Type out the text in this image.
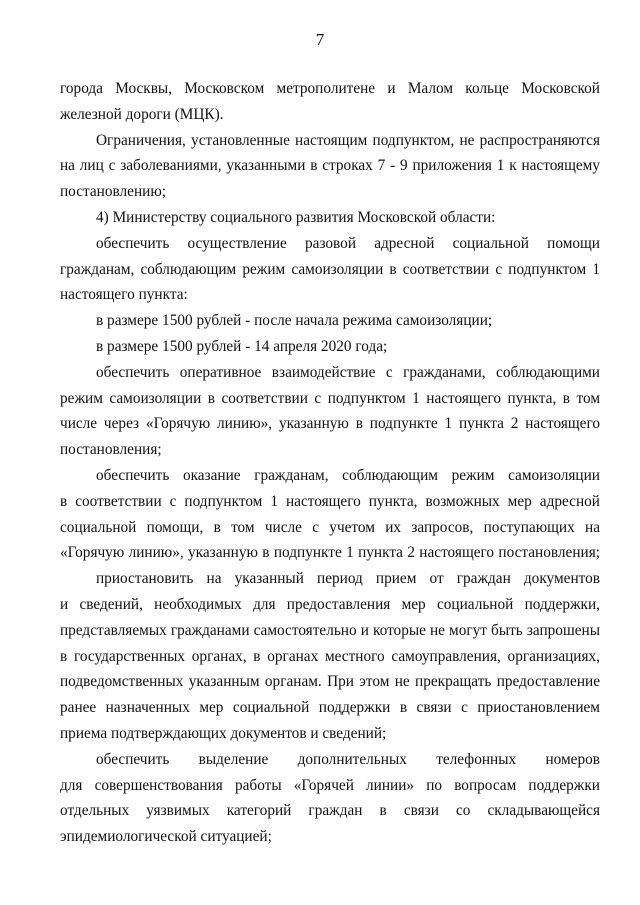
7
города Москвы, Московском метрополитене и Малом кольце Московской
железной дороги (МЦК).
Ограничения, установленные настоящим подпунктом, не распространяются
на лиц с заболеваниями, указанными в строках 7 - 9 приложения 1 к настоящему
постановлению;
4) Министерству социального развития Московской области:
обеспечить осуществление разовой адресной социальной помощи
гражданам, соблюдающим режим самоизоляции в соответствии с подпунктом 1
настоящего пункта:
в размере 1500 рублей - после начала режима самоизоляции;
в размере 1500 рублей - 14 апреля 2020 года;
обеспечить оперативное взаимодействие с гражданами, соблюдающими
режим самоизоляции в соответствии с подпунктом 1 настоящего пункта, в том
числе через «Горячую линию», указанную в подпункте 1 пункта 2 настоящего
постановления;
обеспечить оказание гражданам, соблюдающим режим самоизоляции
в соответствии с подпунктом 1 настоящего пункта, возможных мер адресной
социальной помощи, в том числе с учетом их запросов, поступающих на
«Горячую линию», указанную в подпункте 1 пункта 2 настоящего постановления;
приостановить на указанный период прием от граждан документов
и сведений, необходимых для предоставления мер социальной поддержки,
представляемых гражданами самостоятельно и которые не могут быть запрошены
в государственных органах, в органах местного самоуправления, организациях,
подведомственных указанным органам. При этом не прекращать предоставление
ранее назначенных мер социальной поддержки в связи с приостановлением
приема подтверждающих документов и сведений;
обеспечить выделение дополнительных телефонных номеров
для совершенствования работы «Горячей линии» по вопросам поддержки
отдельных уязвимых категорий граждан в связи со складывающейся
эпидемиологической ситуацией;
